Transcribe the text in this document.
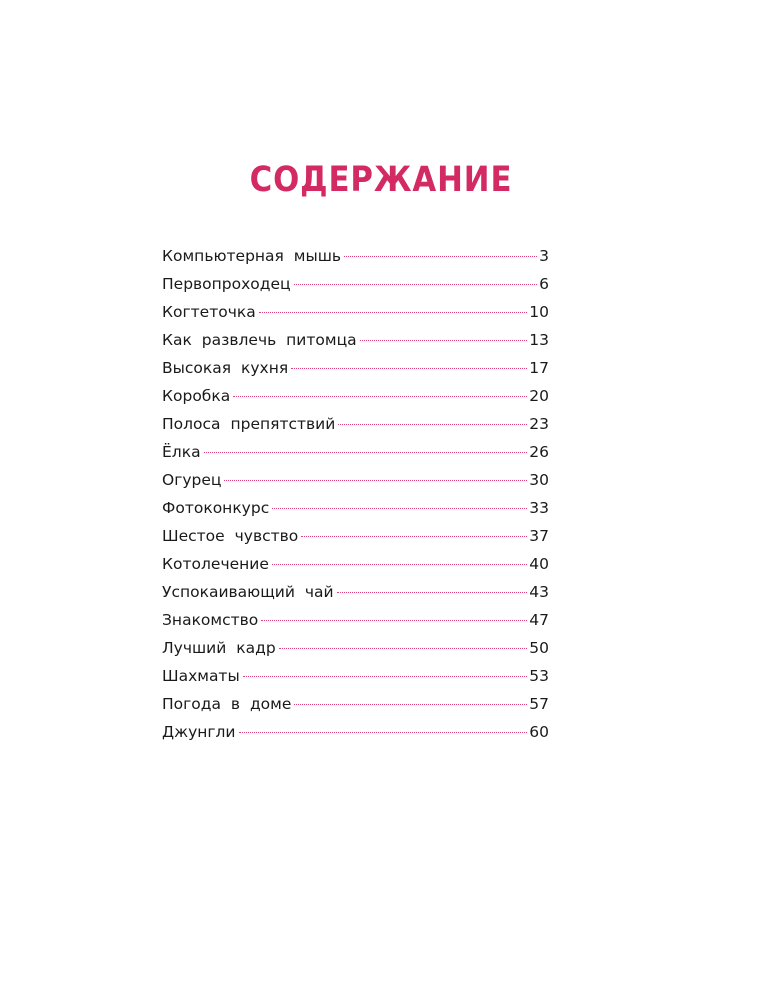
СОДЕРЖАНИЕ
Компьютерная мышь	3
Первопроходец	6
Когтеточка	10
Как развлечь питомца	13
Высокая кухня	17
Коробка	20
Полоса препятствий	23
Ёлка	26
Огурец	30
Фотоконкурс	33
Шестое чувство	37
Котолечение	40
Успокаивающий чай	43
Знакомство	47
Лучший кадр	50
Шахматы	53
Погода в доме	57
Джунгли	60
